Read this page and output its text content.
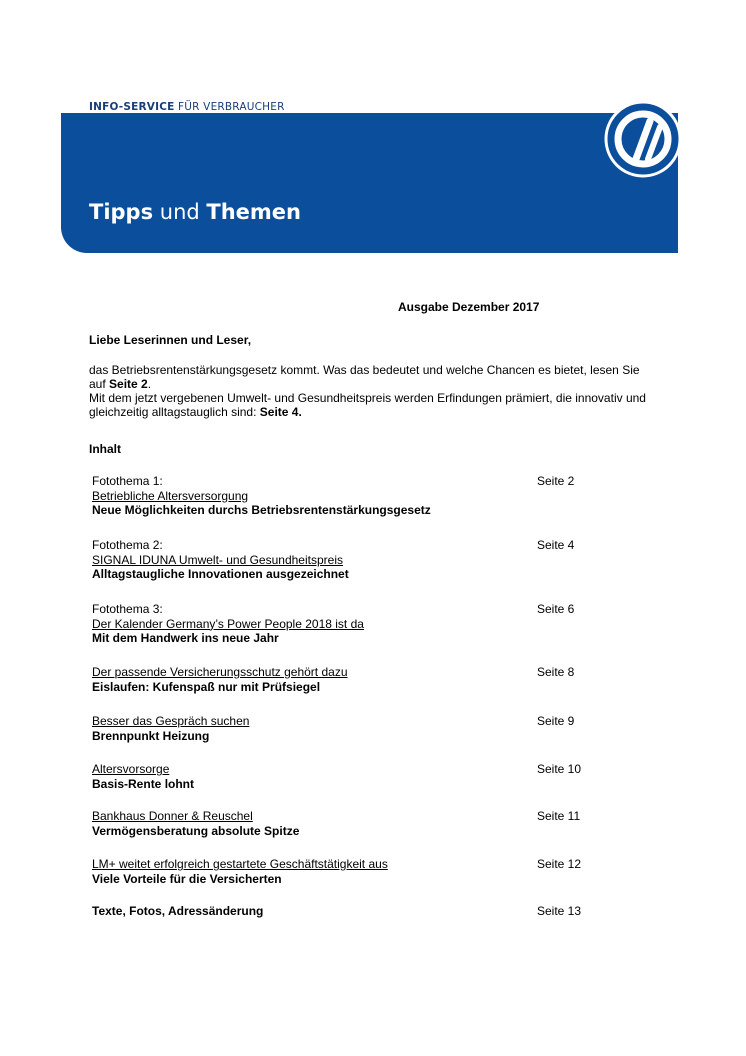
INFO-SERVICE FÜR VERBRAUCHER
Tipps und Themen
Ausgabe Dezember 2017
Liebe Leserinnen und Leser,

das Betriebsrentenstärkungsgesetz kommt. Was das bedeutet und welche Chancen es bietet, lesen Sie auf Seite 2.

Mit dem jetzt vergebenen Umwelt- und Gesundheitspreis werden Erfindungen prämiert, die innovativ und gleichzeitig alltagstauglich sind: Seite 4.

Inhalt
Fotothema 1:
Betriebliche Altersversorgung
Neue Möglichkeiten durchs Betriebsrentenstärkungsgesetz
Seite 2
Fotothema 2:
SIGNAL IDUNA Umwelt- und Gesundheitspreis
Alltagstaugliche Innovationen ausgezeichnet
Seite 4
Fotothema 3:
Der Kalender Germany’s Power People 2018 ist da
Mit dem Handwerk ins neue Jahr
Seite 6
Der passende Versicherungsschutz gehört dazu
Eislaufen: Kufenspaß nur mit Prüfsiegel
Seite 8
Besser das Gespräch suchen
Brennpunkt Heizung
Seite 9
Altersvorsorge
Basis-Rente lohnt
Seite 10
Bankhaus Donner & Reuschel
Vermögensberatung absolute Spitze
Seite 11
LM+ weitet erfolgreich gestartete Geschäftstätigkeit aus
Viele Vorteile für die Versicherten
Seite 12
Texte, Fotos, Adressänderung	Seite 13
